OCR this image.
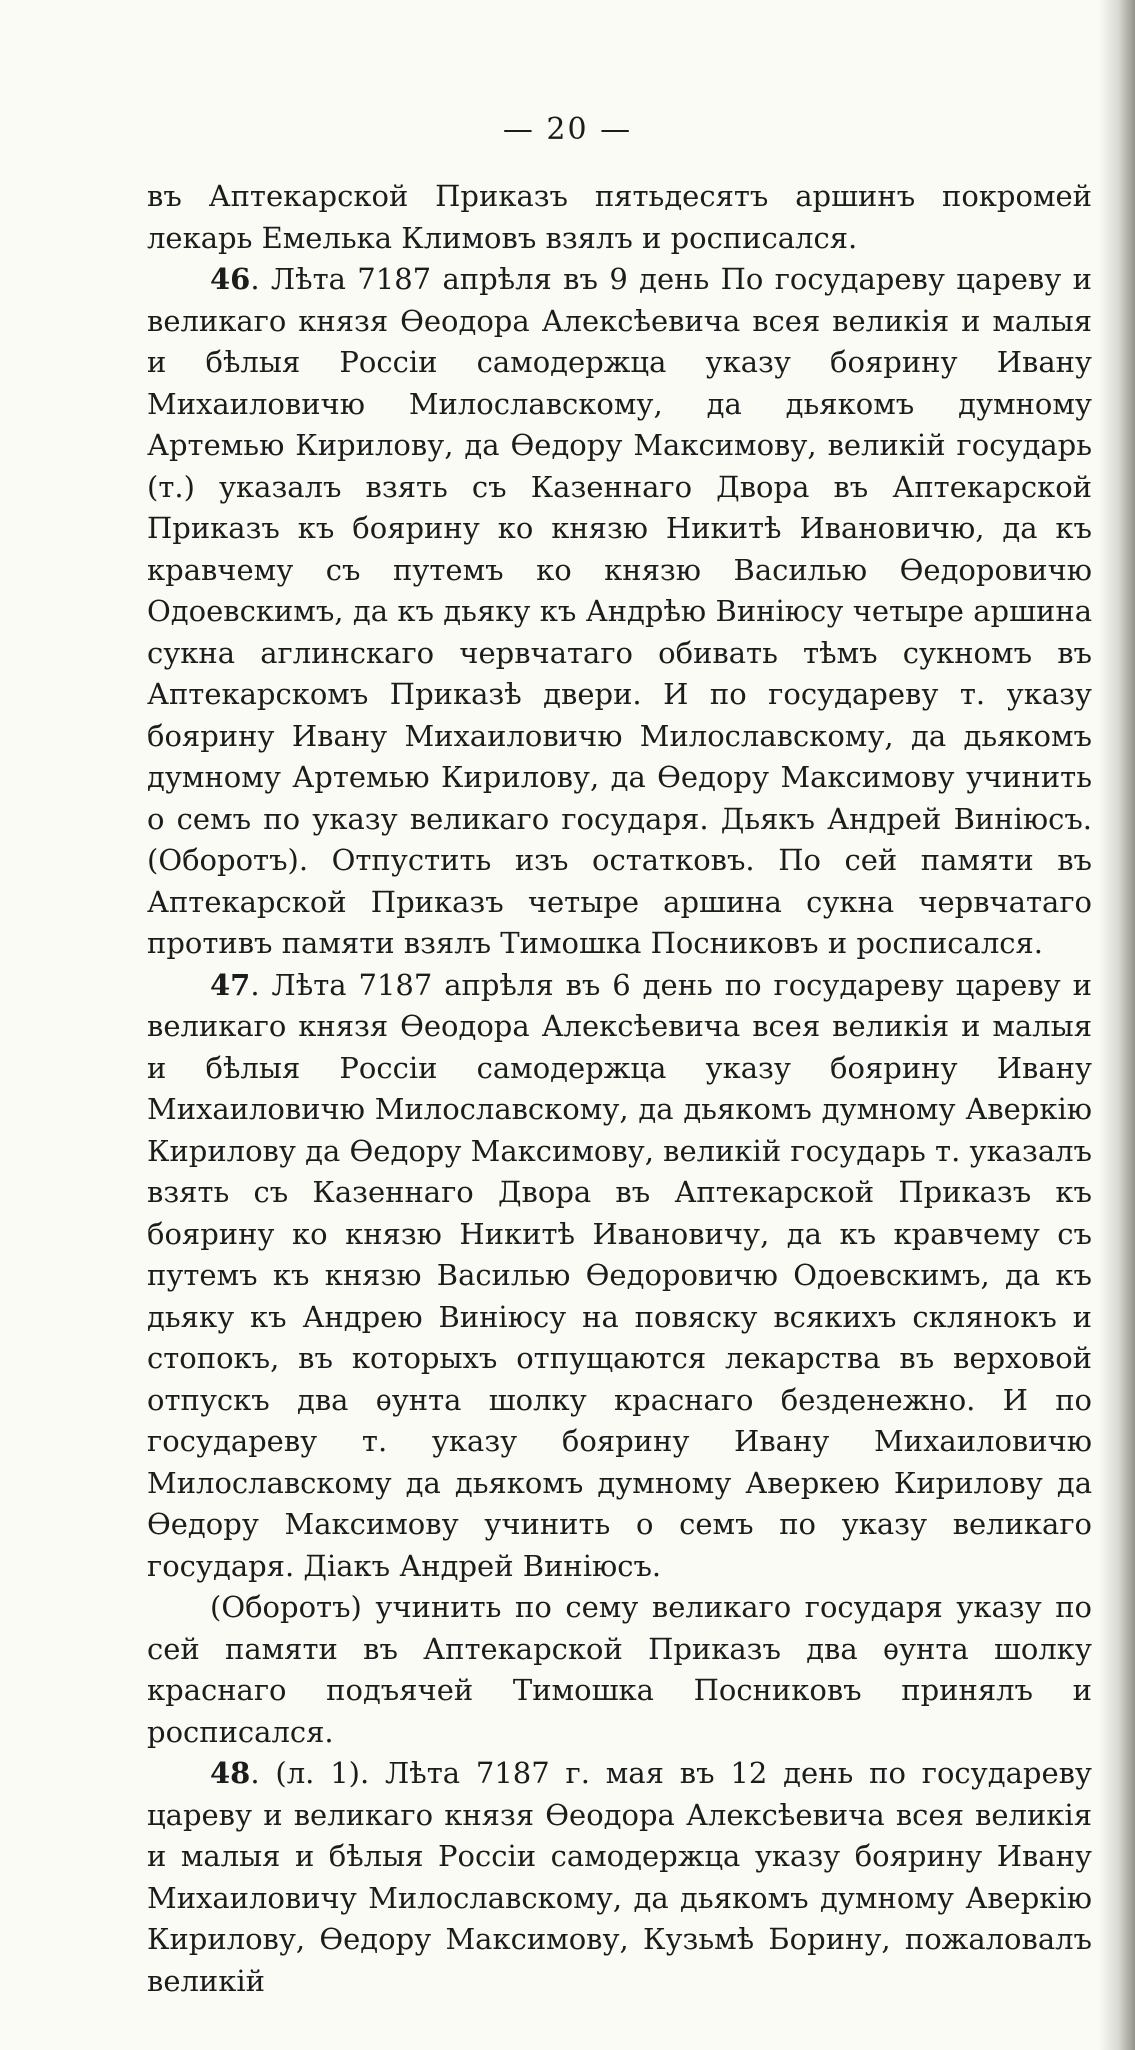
— 20 —

въ Аптекарской Приказъ пятьдесятъ аршинъ покромей лекарь Емелька Климовъ взялъ и росписался.

46. Лѣта 7187 апрѣля въ 9 день По государеву цареву и великаго князя Ѳеодора Алексѣевича всея великія и малыя и бѣлыя Россіи самодержца указу боярину Ивану Михаиловичю Милославскому, да дьякомъ думному Артемью Кирилову, да Ѳедору Максимову, великій государь (т.) указалъ взять съ Казеннаго Двора въ Аптекарской Приказъ къ боярину ко князю Никитѣ Ивановичю, да къ кравчему съ путемъ ко князю Василью Ѳедоровичю Одоевскимъ, да къ дьяку къ Андрѣю Виніюсу четыре аршина сукна аглинскаго червчатаго обивать тѣмъ сукномъ въ Аптекарскомъ Приказѣ двери. И по государеву т. указу боярину Ивану Михаиловичю Милославскому, да дьякомъ думному Артемью Кирилову, да Ѳедору Максимову учинить о семъ по указу великаго государя. Дьякъ Андрей Виніюсъ. (Оборотъ). Отпустить изъ остатковъ. По сей памяти въ Аптекарской Приказъ четыре аршина сукна червчатаго противъ памяти взялъ Тимошка Посниковъ и росписался.

47. Лѣта 7187 апрѣля въ 6 день по государеву цареву и великаго князя Ѳеодора Алексѣевича всея великія и малыя и бѣлыя Россіи самодержца указу боярину Ивану Михаиловичю Милославскому, да дьякомъ думному Аверкію Кирилову да Ѳедору Максимову, великій государь т. указалъ взять съ Казеннаго Двора въ Аптекарской Приказъ къ боярину ко князю Никитѣ Ивановичу, да къ кравчему съ путемъ къ князю Василью Ѳедоровичю Одоевскимъ, да къ дьяку къ Андрею Виніюсу на повяску всякихъ склянокъ и стопокъ, въ которыхъ отпущаются лекарства въ верховой отпускъ два ѳунта шолку краснаго безденежно. И по государеву т. указу боярину Ивану Михаиловичю Милославскому да дьякомъ думному Аверкею Кирилову да Ѳедору Максимову учинить о семъ по указу великаго государя. Діакъ Андрей Виніюсъ.

(Оборотъ) учинить по сему великаго государя указу по сей памяти въ Аптекарской Приказъ два ѳунта шолку краснаго подъячей Тимошка Посниковъ принялъ и росписался.

48. (л. 1). Лѣта 7187 г. мая въ 12 день по государеву цареву и великаго князя Ѳеодора Алексѣевича всея великія и малыя и бѣлыя Россіи самодержца указу боярину Ивану Михаиловичу Милославскому, да дьякомъ думному Аверкію Кирилову, Ѳедору Максимову, Кузьмѣ Борину, пожаловалъ великій
